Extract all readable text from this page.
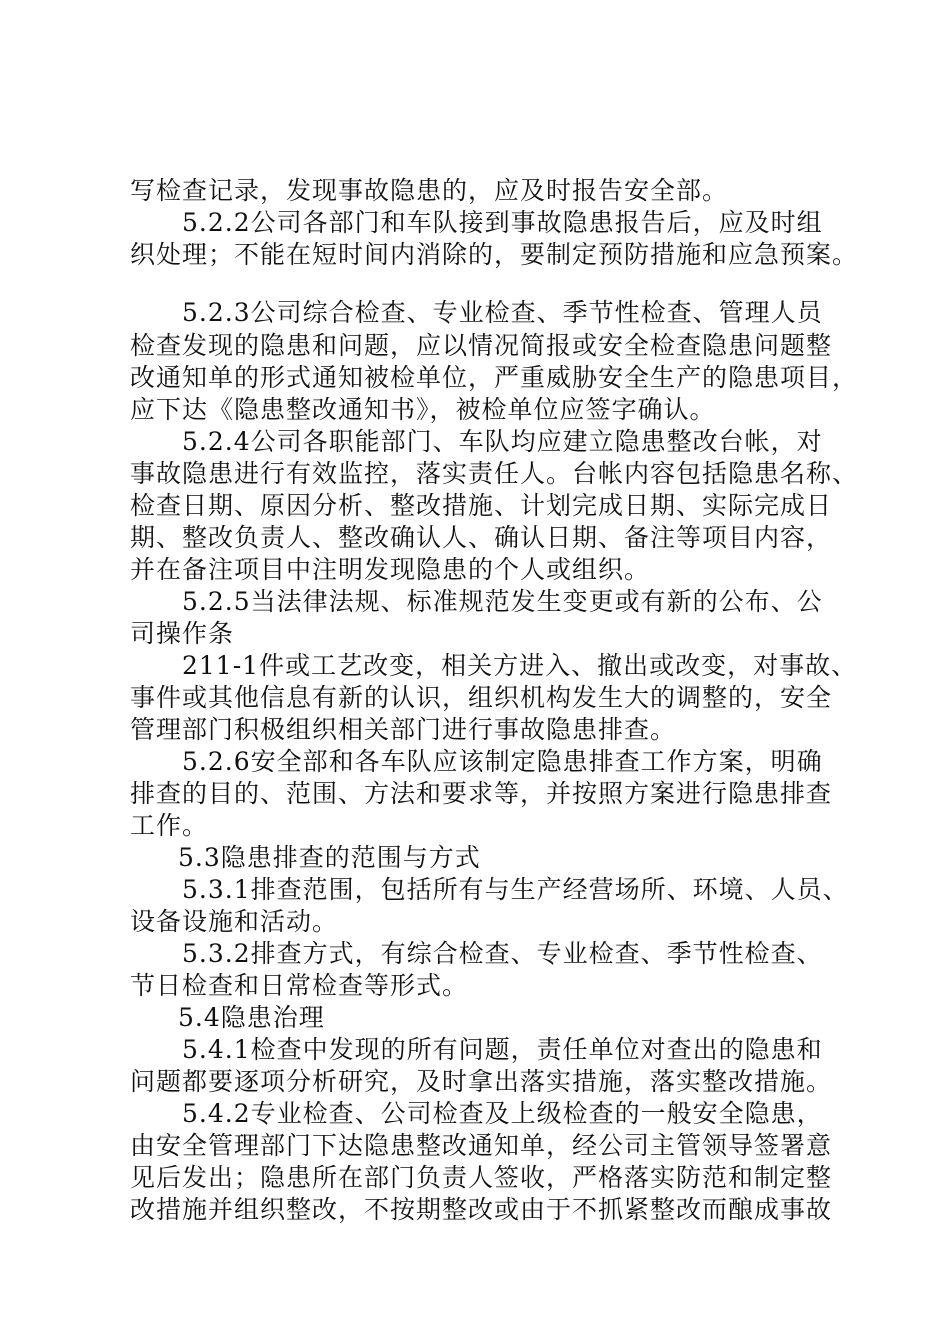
写检查记录，发现事故隐患的，应及时报告安全部。
5.2.2公司各部门和车队接到事故隐患报告后，应及时组
织处理；不能在短时间内消除的，要制定预防措施和应急预案。
5.2.3公司综合检查、专业检查、季节性检查、管理人员
检查发现的隐患和问题，应以情况简报或安全检查隐患问题整
改通知单的形式通知被检单位，严重威胁安全生产的隐患项目，
应下达《隐患整改通知书》，被检单位应签字确认。
5.2.4公司各职能部门、车队均应建立隐患整改台帐，对
事故隐患进行有效监控，落实责任人。台帐内容包括隐患名称、
检查日期、原因分析、整改措施、计划完成日期、实际完成日
期、整改负责人、整改确认人、确认日期、备注等项目内容，
并在备注项目中注明发现隐患的个人或组织。
5.2.5当法律法规、标准规范发生变更或有新的公布、公
司操作条
211-1件或工艺改变，相关方进入、撤出或改变，对事故、
事件或其他信息有新的认识，组织机构发生大的调整的，安全
管理部门积极组织相关部门进行事故隐患排查。
5.2.6安全部和各车队应该制定隐患排查工作方案，明确
排查的目的、范围、方法和要求等，并按照方案进行隐患排查
工作。
5.3隐患排查的范围与方式
5.3.1排查范围，包括所有与生产经营场所、环境、人员、
设备设施和活动。
5.3.2排查方式，有综合检查、专业检查、季节性检查、
节日检查和日常检查等形式。
5.4隐患治理
5.4.1检查中发现的所有问题，责任单位对查出的隐患和
问题都要逐项分析研究，及时拿出落实措施，落实整改措施。
5.4.2专业检查、公司检查及上级检查的一般安全隐患，
由安全管理部门下达隐患整改通知单，经公司主管领导签署意
见后发出；隐患所在部门负责人签收，严格落实防范和制定整
改措施并组织整改，不按期整改或由于不抓紧整改而酿成事故
